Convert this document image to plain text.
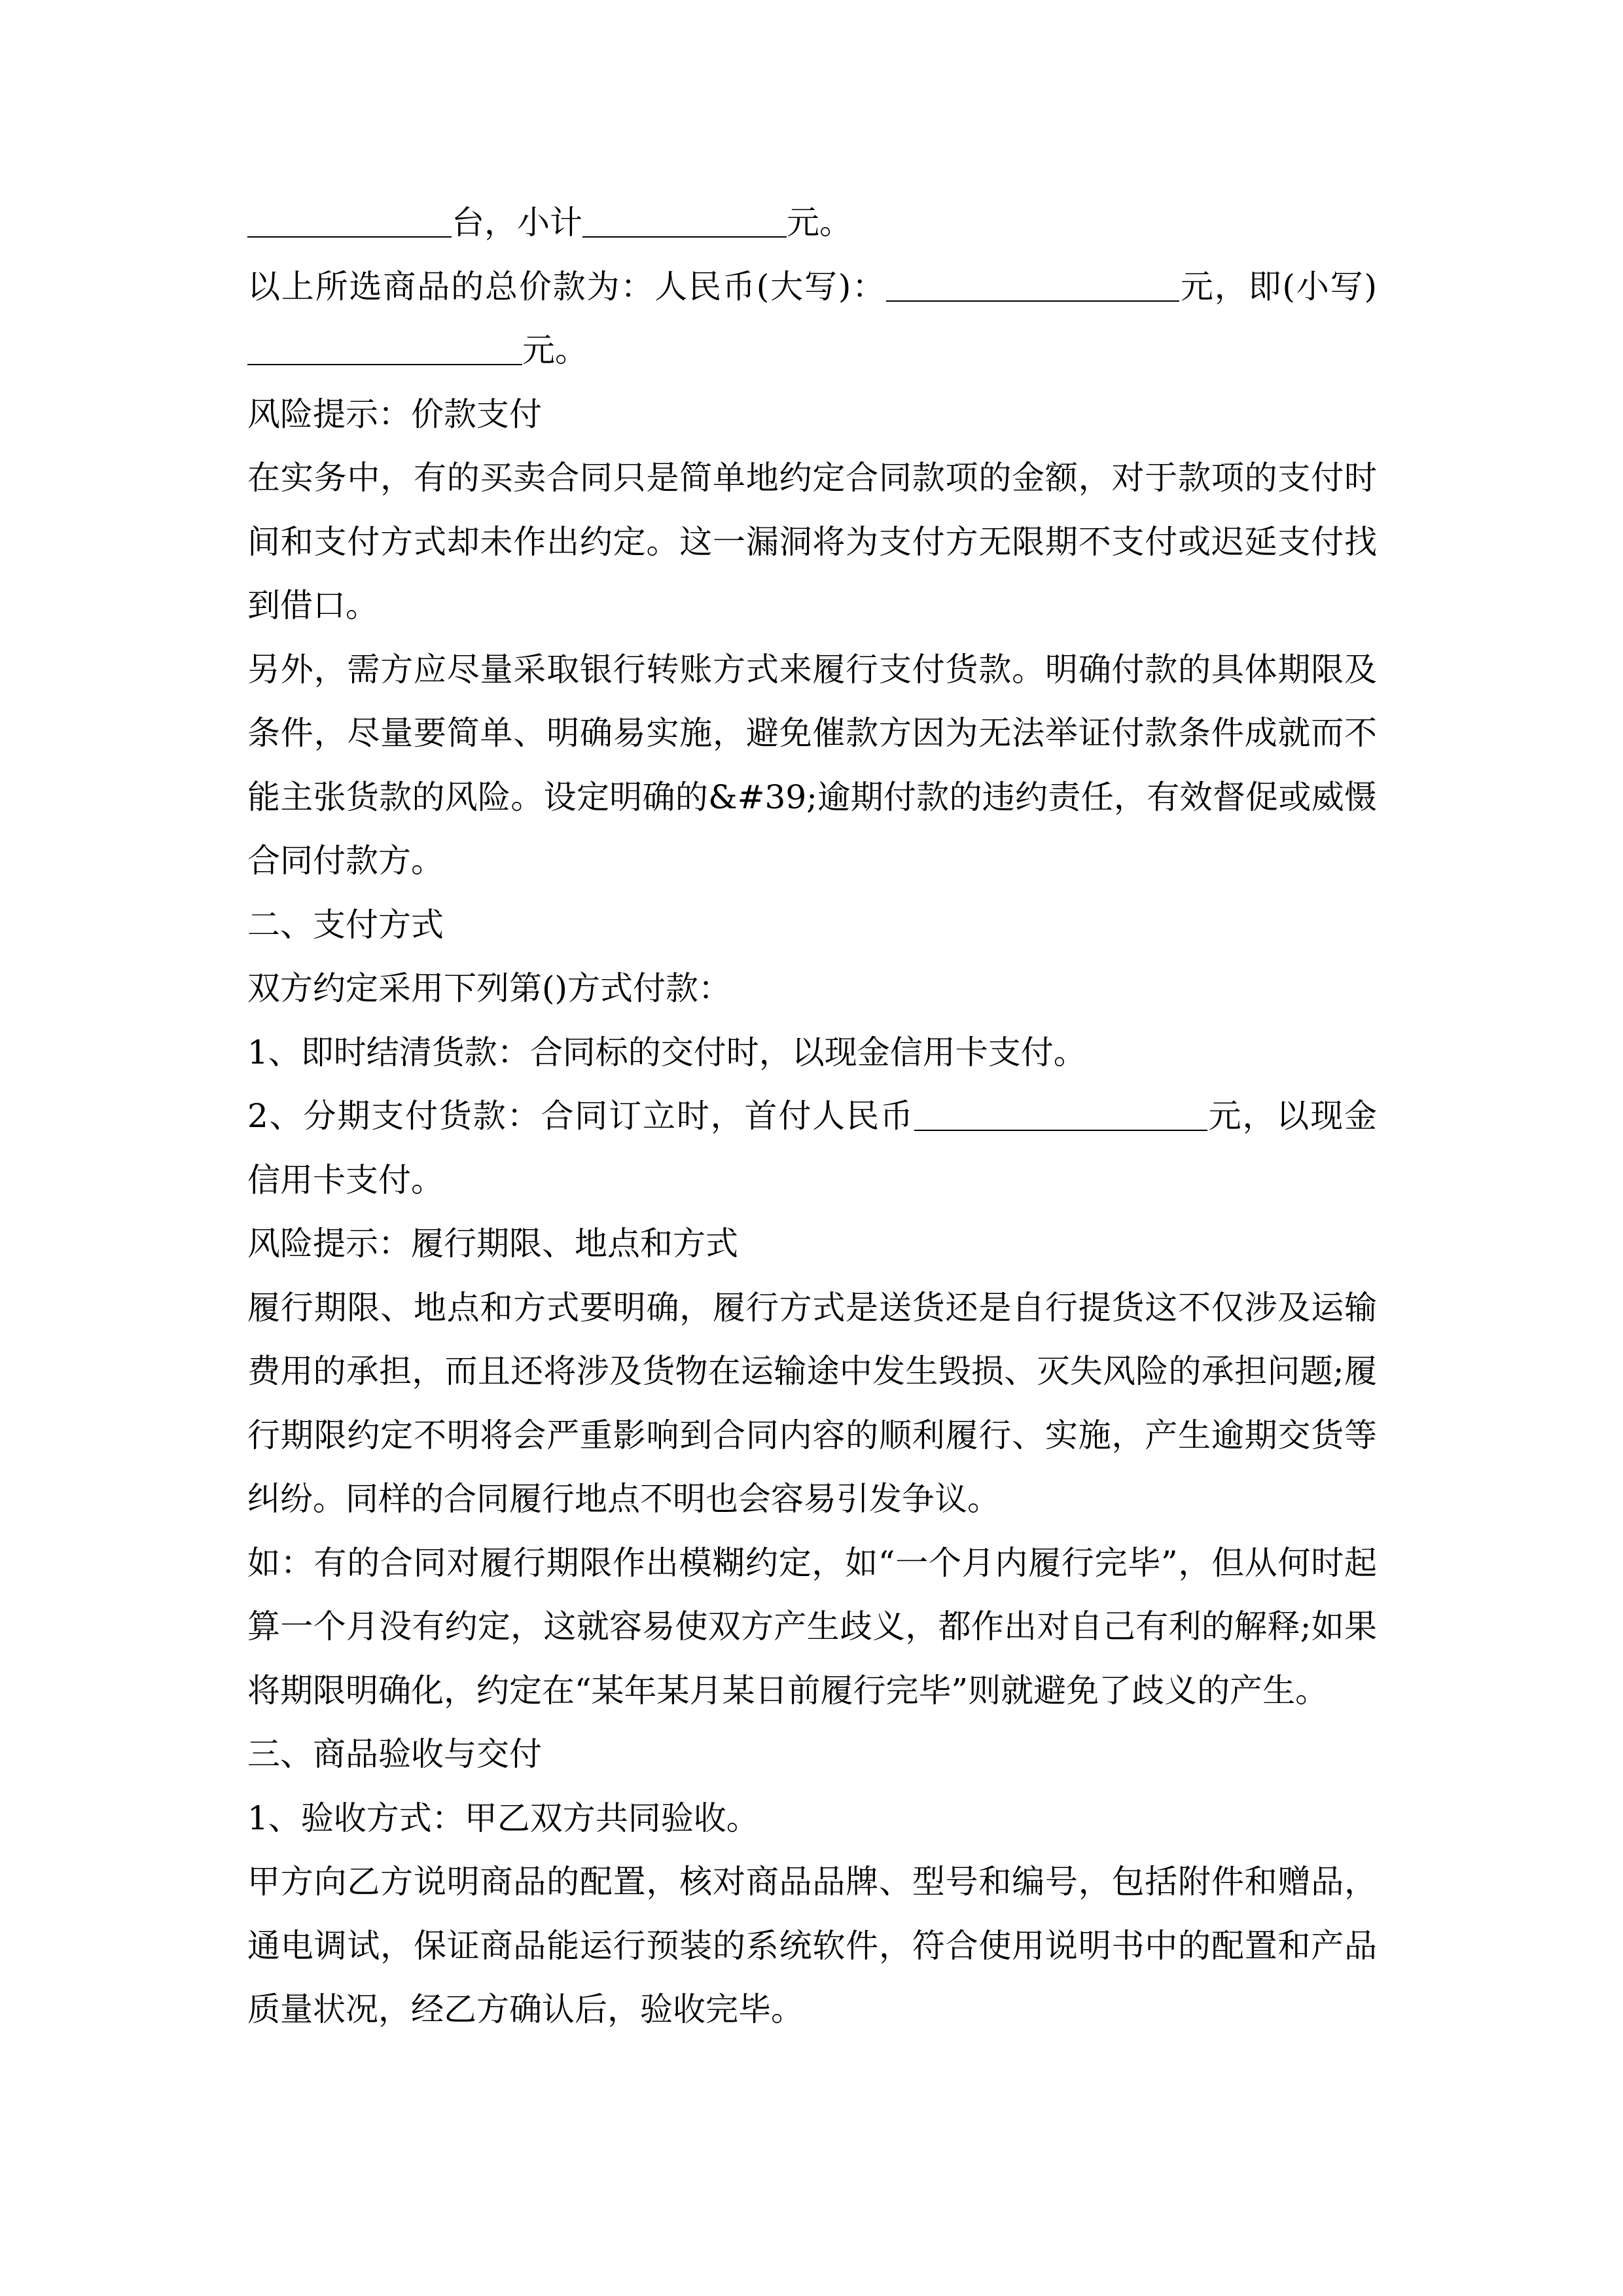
台，小计	元。

以上所选商品的总价款为：人民币(大写)：	元，即(小写)元。

风险提示：价款支付

在实务中，有的买卖合同只是简单地约定合同款项的金额，对于款项的支付时间和支付方式却未作出约定。这一漏洞将为支付方无限期不支付或迟延支付找到借口。

另外，需方应尽量采取银行转账方式来履行支付货款。明确付款的具体期限及条件，尽量要简单、明确易实施，避免催款方因为无法举证付款条件成就而不能主张货款的风险。设定明确的&#39;逾期付款的违约责任，有效督促或威慑合同付款方。

二、支付方式

双方约定采用下列第()方式付款：

1、即时结清货款：合同标的交付时，以现金信用卡支付。

2、分期支付货款：合同订立时，首付人民币	元，以现金信用卡支付。

风险提示：履行期限、地点和方式

履行期限、地点和方式要明确，履行方式是送货还是自行提货这不仅涉及运输费用的承担，而且还将涉及货物在运输途中发生毁损、灭失风险的承担问题;履行期限约定不明将会严重影响到合同内容的顺利履行、实施，产生逾期交货等纠纷。同样的合同履行地点不明也会容易引发争议。

如：有的合同对履行期限作出模糊约定，如“一个月内履行完毕”，但从何时起算一个月没有约定，这就容易使双方产生歧义，都作出对自己有利的解释;如果将期限明确化，约定在“某年某月某日前履行完毕”则就避免了歧义的产生。

三、商品验收与交付

1、验收方式：甲乙双方共同验收。

甲方向乙方说明商品的配置，核对商品品牌、型号和编号，包括附件和赠品，通电调试，保证商品能运行预装的系统软件，符合使用说明书中的配置和产品质量状况，经乙方确认后，验收完毕。
